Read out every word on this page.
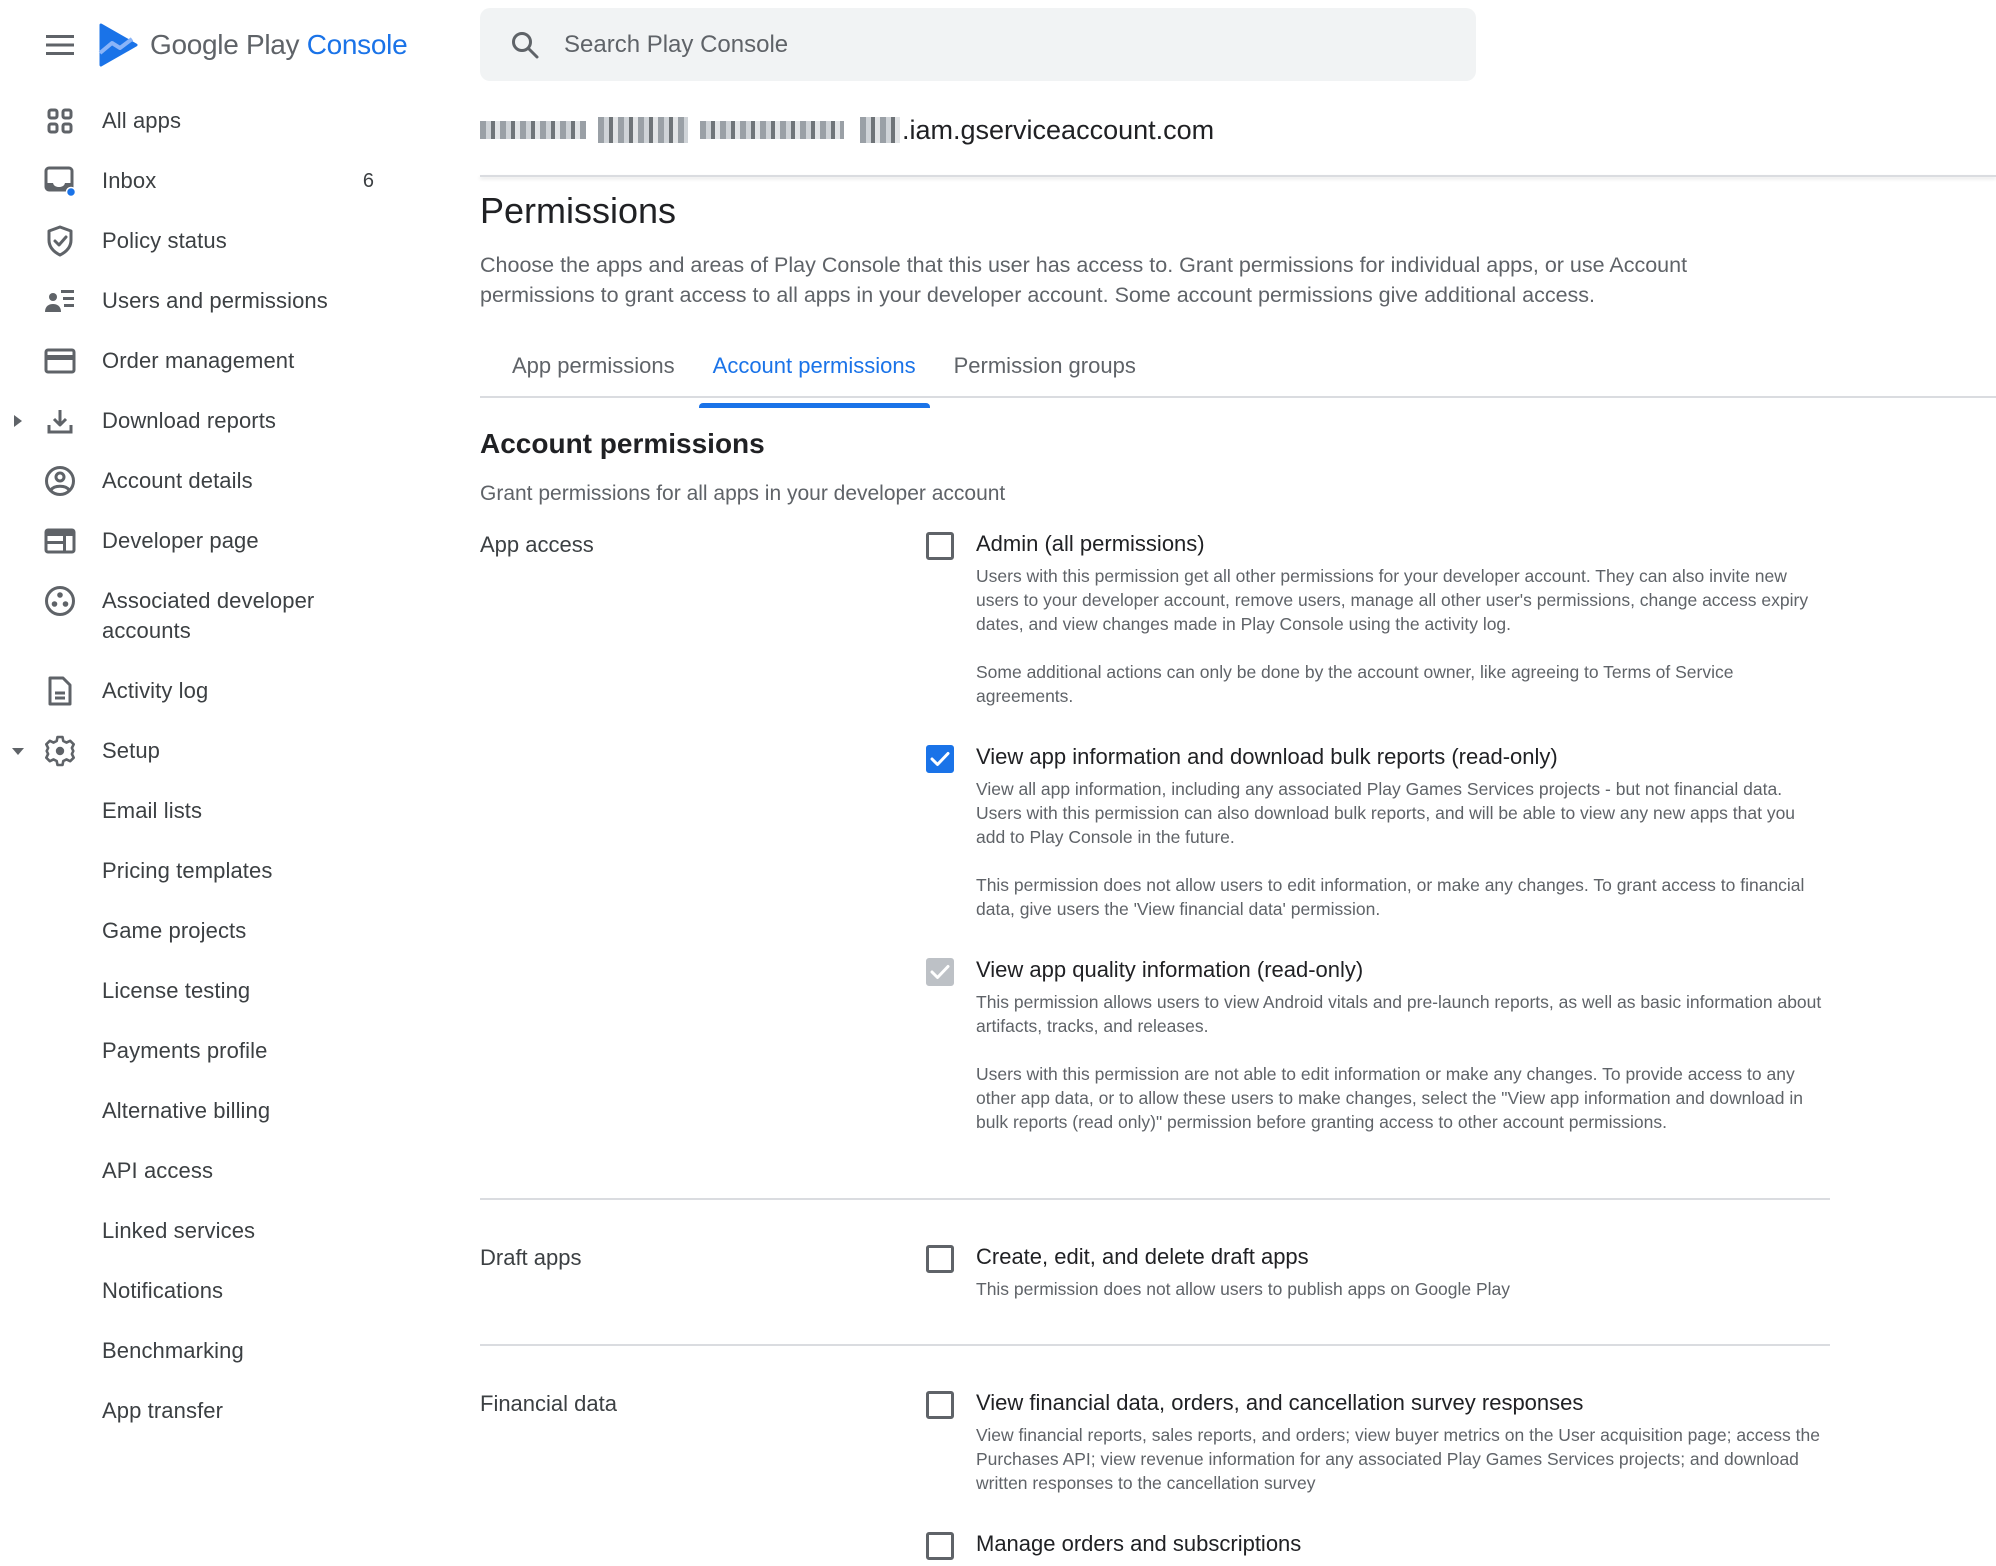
Google Play Console
All apps
Inbox	6
Policy status
Users and permissions
Order management
Download reports
Account details
Developer page
Associated developer accounts
Activity log
Setup
Email lists
Pricing templates
Game projects
License testing
Payments profile
Alternative billing
API access
Linked services
Notifications
Benchmarking
App transfer
Search Play Console
.iam.gserviceaccount.com
Permissions

Choose the apps and areas of Play Console that this user has access to. Grant permissions for individual apps, or use Account permissions to grant access to all apps in your developer account. Some account permissions give additional access.

App permissions	Account permissions	Permission groups
Account permissions

Grant permissions for all apps in your developer account

App access	Admin (all permissions)

Users with this permission get all other permissions for your developer account. They can also invite new users to your developer account, remove users, manage all other user's permissions, change access expiry dates, and view changes made in Play Console using the activity log.

Some additional actions can only be done by the account owner, like agreeing to Terms of Service agreements.

View app information and download bulk reports (read-only)

View all app information, including any associated Play Games Services projects - but not financial data. Users with this permission can also download bulk reports, and will be able to view any new apps that you add to Play Console in the future.

This permission does not allow users to edit information, or make any changes. To grant access to financial data, give users the 'View financial data' permission.

View app quality information (read-only)

This permission allows users to view Android vitals and pre-launch reports, as well as basic information about artifacts, tracks, and releases.

Users with this permission are not able to edit information or make any changes. To provide access to any other app data, or to allow these users to make changes, select the "View app information and download in bulk reports (read only)" permission before granting access to other account permissions.

Draft apps	Create, edit, and delete draft apps

This permission does not allow users to publish apps on Google Play

Financial data	View financial data, orders, and cancellation survey responses

View financial reports, sales reports, and orders; view buyer metrics on the User acquisition page; access the Purchases API; view revenue information for any associated Play Games Services projects; and download written responses to the cancellation survey

Manage orders and subscriptions
